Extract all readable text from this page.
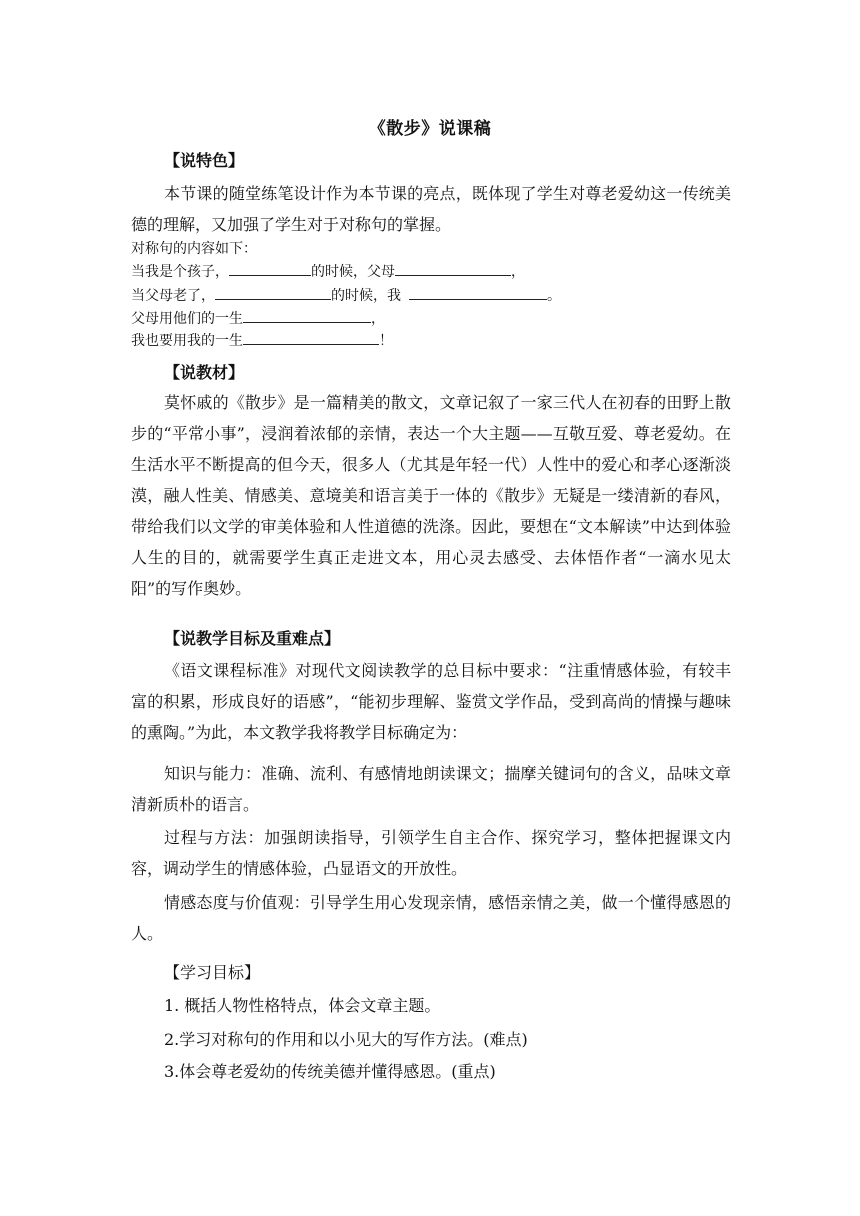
《散步》说课稿
【说特色】

本节课的随堂练笔设计作为本节课的亮点，既体现了学生对尊老爱幼这一传统美德的理解，又加强了学生对于对称句的掌握。

对称句的内容如下：
当我是个孩子，	的时候，父母	，
当父母老了，	的时候，我	。
父母用他们的一生	，
我也要用我的一生	！
【说教材】

莫怀戚的《散步》是一篇精美的散文，文章记叙了一家三代人在初春的田野上散步的“平常小事”，浸润着浓郁的亲情，表达一个大主题——互敬互爱、尊老爱幼。在生活水平不断提高的但今天，很多人（尤其是年轻一代）人性中的爱心和孝心逐渐淡漠，融人性美、情感美、意境美和语言美于一体的《散步》无疑是一缕清新的春风，带给我们以文学的审美体验和人性道德的洗涤。因此，要想在“文本解读”中达到体验人生的目的，就需要学生真正走进文本，用心灵去感受、去体悟作者“一滴水见太阳”的写作奥妙。

【说教学目标及重难点】

《语文课程标准》对现代文阅读教学的总目标中要求：“注重情感体验，有较丰富的积累，形成良好的语感”，“能初步理解、鉴赏文学作品，受到高尚的情操与趣味的熏陶。”为此，本文教学我将教学目标确定为：

知识与能力：准确、流利、有感情地朗读课文；揣摩关键词句的含义，品味文章清新质朴的语言。

过程与方法：加强朗读指导，引领学生自主合作、探究学习，整体把握课文内容，调动学生的情感体验，凸显语文的开放性。

情感态度与价值观：引导学生用心发现亲情，感悟亲情之美，做一个懂得感恩的人。

【学习目标】
1. 概括人物性格特点，体会文章主题。
2.学习对称句的作用和以小见大的写作方法。(难点)
3.体会尊老爱幼的传统美德并懂得感恩。(重点)
